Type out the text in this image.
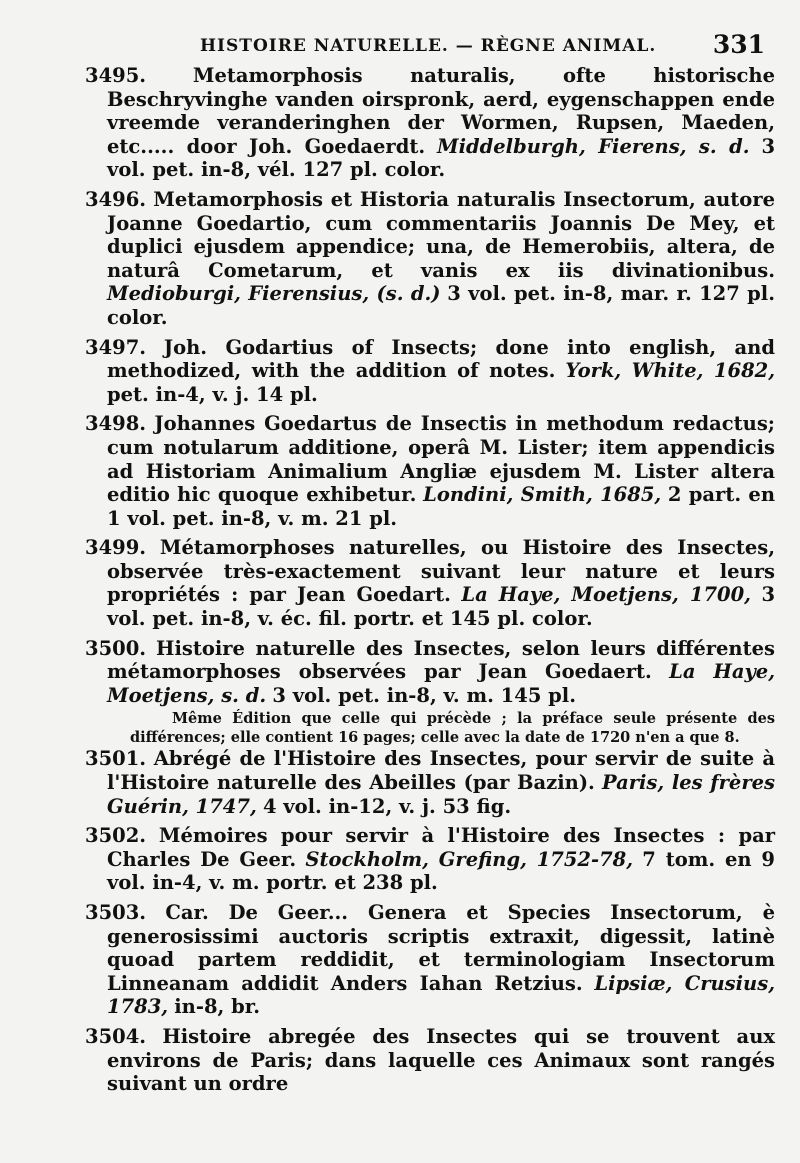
HISTOIRE NATURELLE. — RÈGNE ANIMAL. 331

3495. Metamorphosis naturalis, ofte historische Beschryvinghe vanden oirspronk, aerd, eygenschappen ende vreemde veranderinghen der Wormen, Rupsen, Maeden, etc..... door Joh. Goedaerdt. Middelburgh, Fierens, s. d. 3 vol. pet. in-8, vél. 127 pl. color.

3496. Metamorphosis et Historia naturalis Insectorum, autore Joanne Goedartio, cum commentariis Joannis De Mey, et duplici ejusdem appendice; una, de Hemerobiis, altera, de naturâ Cometarum, et vanis ex iis divinationibus. Medioburgi, Fierensius, (s. d.) 3 vol. pet. in-8, mar. r. 127 pl. color.

3497. Joh. Godartius of Insects; done into english, and methodized, with the addition of notes. York, White, 1682, pet. in-4, v. j. 14 pl.

3498. Johannes Goedartus de Insectis in methodum redactus; cum notularum additione, operâ M. Lister; item appendicis ad Historiam Animalium Angliæ ejusdem M. Lister altera editio hic quoque exhibetur. Londini, Smith, 1685, 2 part. en 1 vol. pet. in-8, v. m. 21 pl.

3499. Métamorphoses naturelles, ou Histoire des Insectes, observée très-exactement suivant leur nature et leurs propriétés : par Jean Goedart. La Haye, Moetjens, 1700, 3 vol. pet. in-8, v. éc. fil. portr. et 145 pl. color.

3500. Histoire naturelle des Insectes, selon leurs différentes métamorphoses observées par Jean Goedaert. La Haye, Moetjens, s. d. 3 vol. pet. in-8, v. m. 145 pl.

Même Édition que celle qui précède ; la préface seule présente des différences; elle contient 16 pages; celle avec la date de 1720 n'en a que 8.

3501. Abrégé de l'Histoire des Insectes, pour servir de suite à l'Histoire naturelle des Abeilles (par Bazin). Paris, les frères Guérin, 1747, 4 vol. in-12, v. j. 53 fig.

3502. Mémoires pour servir à l'Histoire des Insectes : par Charles De Geer. Stockholm, Grefing, 1752-78, 7 tom. en 9 vol. in-4, v. m. portr. et 238 pl.

3503. Car. De Geer... Genera et Species Insectorum, è generosissimi auctoris scriptis extraxit, digessit, latinè quoad partem reddidit, et terminologiam Insectorum Linneanam addidit Anders Iahan Retzius. Lipsiæ, Crusius, 1783, in-8, br.

3504. Histoire abregée des Insectes qui se trouvent aux environs de Paris; dans laquelle ces Animaux sont rangés suivant un ordre
